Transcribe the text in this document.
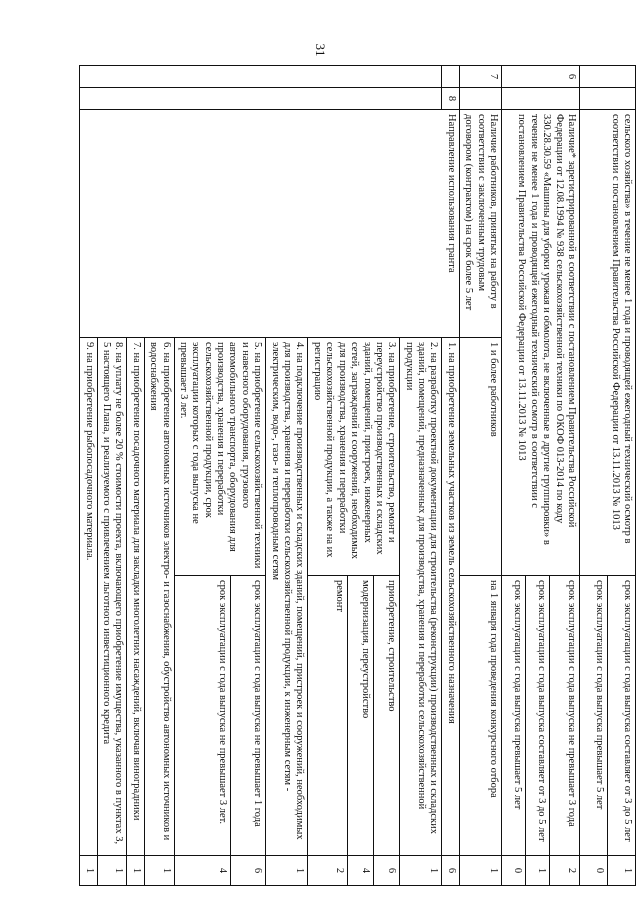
31
		сельского хозяйства» в течение не менее 1 года и проводящей ежегодный технический осмотр в соответствии с постановлением Правительства Российской Федерации от 13.11.2013 № 1013		срок эксплуатации с года выпуска составляет от 3 до 5 лет	1
				срок эксплуатации с года выпуска превышает 5 лет	0
6		Наличие* зарегистрированной в соответствии с постановлением Правительства Российской Федерации от 12.08.1994 № 938 сельскохозяйственной техники по ОКОФ 013-2014 по коду 330.28.30.59 «Машины для уборки урожая и обмолота, не включенные в другие группировки» в течение не менее 1 года и проводящей ежегодный технический осмотр в соответствии с постановлением Правительства Российской Федерации от 13.11.2013 № 1013		срок эксплуатации с года выпуска не превышает 3 года	2
				срок эксплуатации с года выпуска составляет от 3 до 5 лет	1
				срок эксплуатации с года выпуска превышает 5 лет	0
7		Наличие работников, принятых на работу в соответствии с заключенным трудовым договором (контрактом) на срок более 5 лет	1 и более работников	на 1 января года проведения конкурсного отбора	1
	8	Направление использования гранта	1. на приобретение земельных участков из земель сельскохозяйственного назначения		6
			2. на разработку проектной документации для строительства (реконструкции) производственных и складских зданий, помещений, предназначенных для производства, хранения и переработки сельскохозяйственной продукции		1
			3. на приобретение, строительство, ремонт и переустройство производственных и складских зданий, помещений, пристроек, инженерных сетей, заграждений и сооружений, необходимых для производства, хранения и переработки сельскохозяйственной продукции, а также на их регистрацию	приобретение, строительство	6
				модернизация, переустройство	4
				ремонт	2
			4. на подключение производственных и складских зданий, помещений, пристроек и сооружений, необходимых для производства, хранения и переработки сельскохозяйственной продукции, к инженерным сетям - электрическим, водо-, газо- и теплопроводным сетям		1
			5. на приобретение сельскохозяйственной техники и навесного оборудования, грузового автомобильного транспорта, оборудования для производства, хранения и переработки сельскохозяйственной продукции, срок эксплуатации которых с года выпуска не превышает 3 лет.	срок эксплуатации с года выпуска не превышает 1 года	6
				срок эксплуатации с года выпуска не превышает 3 лет.	4
			6. на приобретение автономных источников электро- и газоснабжения, обустройство автономных источников и водоснабжения		1
			7. на приобретение посадочного материала для закладки многолетних насаждений, включая виноградники		1
			8. на уплату не более 20 % стоимости проекта, включающего приобретение имущества, указанного в пунктах 3, 5 настоящего Плана, и реализуемого с привлечением льготного инвестиционного кредита		1
			9. на приобретение рыбопосадочного материала.		1
